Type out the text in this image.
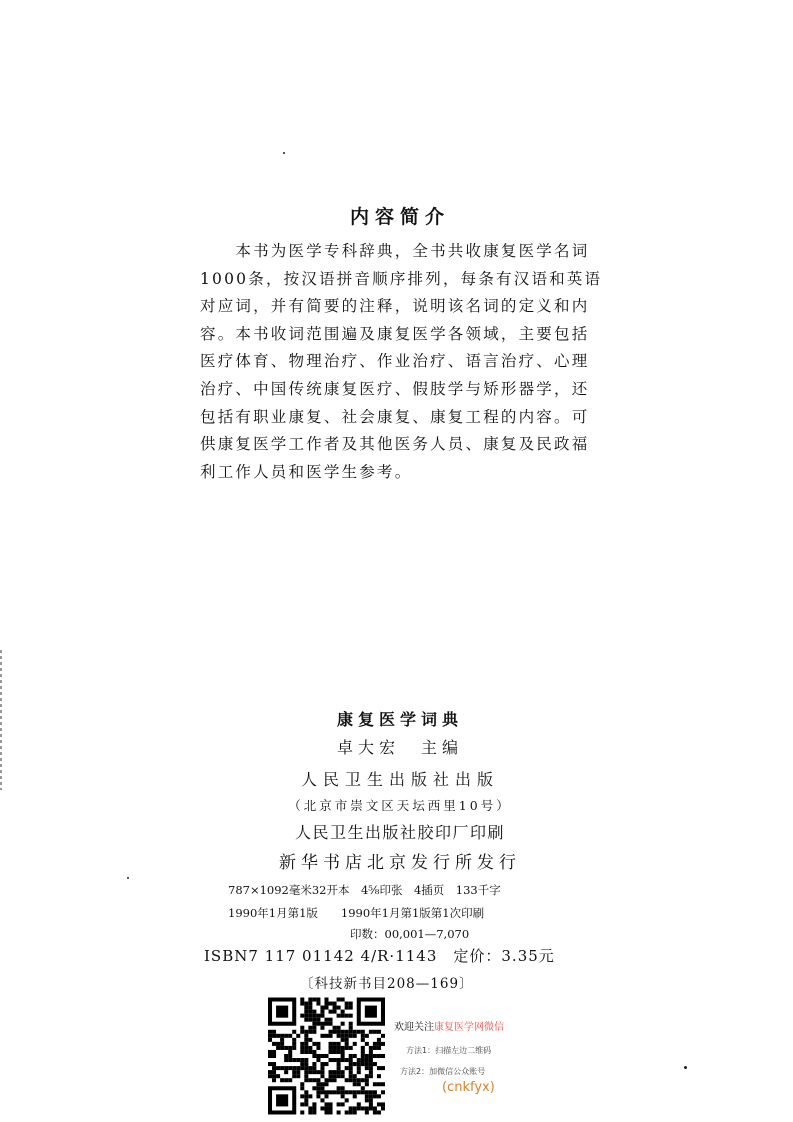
内容简介
　　本书为医学专科辞典，全书共收康复医学名词
1000条，按汉语拼音顺序排列，每条有汉语和英语
对应词，并有简要的注释，说明该名词的定义和内
容。本书收词范围遍及康复医学各领域，主要包括
医疗体育、物理治疗、作业治疗、语言治疗、心理
治疗、中国传统康复医疗、假肢学与矫形器学，还
包括有职业康复、社会康复、康复工程的内容。可
供康复医学工作者及其他医务人员、康复及民政福
利工作人员和医学生参考。
康复医学词典
卓大宏　主编
人民卫生出版社出版
（北京市崇文区天坛西里10号）
人民卫生出版社胶印厂印刷
新华书店北京发行所发行
787×1092毫米32开本　4⅝印张　4插页　133千字
1990年1月第1版　　1990年1月第1版第1次印刷
印数：00,001—7,070
ISBN7 117 01142 4/R·1143　定价：3.35元
〔科技新书目208—169〕
欢迎关注康复医学网微信
方法1：扫描左边二维码
方法2：加微信公众账号
(cnkfyx)
